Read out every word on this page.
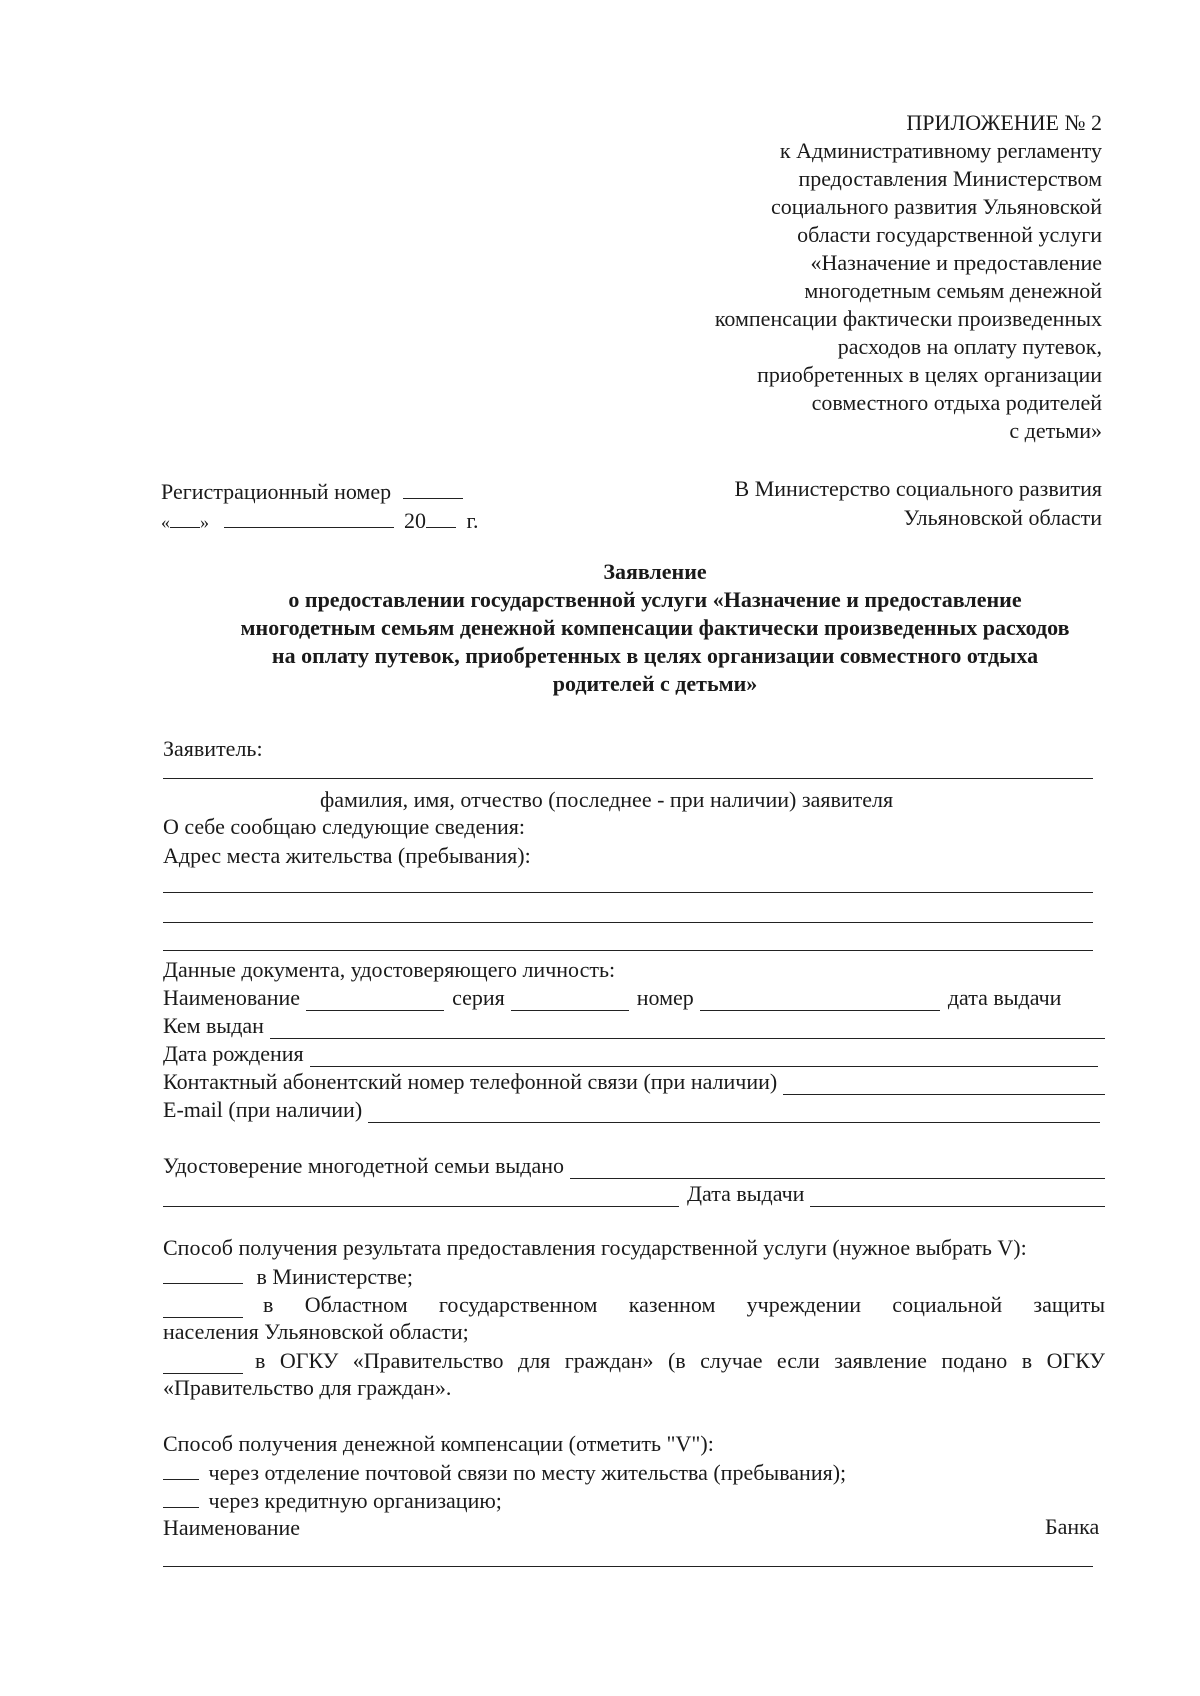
ПРИЛОЖЕНИЕ № 2
к Административному регламенту
предоставления Министерством
социального развития Ульяновской
области государственной услуги
«Назначение и предоставление
многодетным семьям денежной
компенсации фактически произведенных
расходов на оплату путевок,
приобретенных в целях организации
совместного отдыха родителей
с детьми»
Регистрационный номер
« »	20 г.
В Министерство социального развития
Ульяновской области
Заявление
о предоставлении государственной услуги «Назначение и предоставление
многодетным семьям денежной компенсации фактически произведенных расходов
на оплату путевок, приобретенных в целях организации совместного отдыха
родителей с детьми»
Заявитель:
фамилия, имя, отчество (последнее - при наличии) заявителя
О себе сообщаю следующие сведения:
Адрес места жительства (пребывания):
Данные документа, удостоверяющего личность:
Наименование	серия	номер	дата выдачи
Кем выдан
Дата рождения
Контактный абонентский номер телефонной связи (при наличии)
E-mail (при наличии)
Удостоверение многодетной семьи выдано
Дата выдачи
Способ получения результата предоставления государственной услуги (нужное выбрать V):
в Министерстве;
в Областном государственном казенном учреждении социальной защиты
населения Ульяновской области;
в ОГКУ «Правительство для граждан» (в случае если заявление подано в ОГКУ
«Правительство для граждан».
Способ получения денежной компенсации (отметить "V"):
через отделение почтовой связи по месту жительства (пребывания);
через кредитную организацию;
Наименование	Банка
